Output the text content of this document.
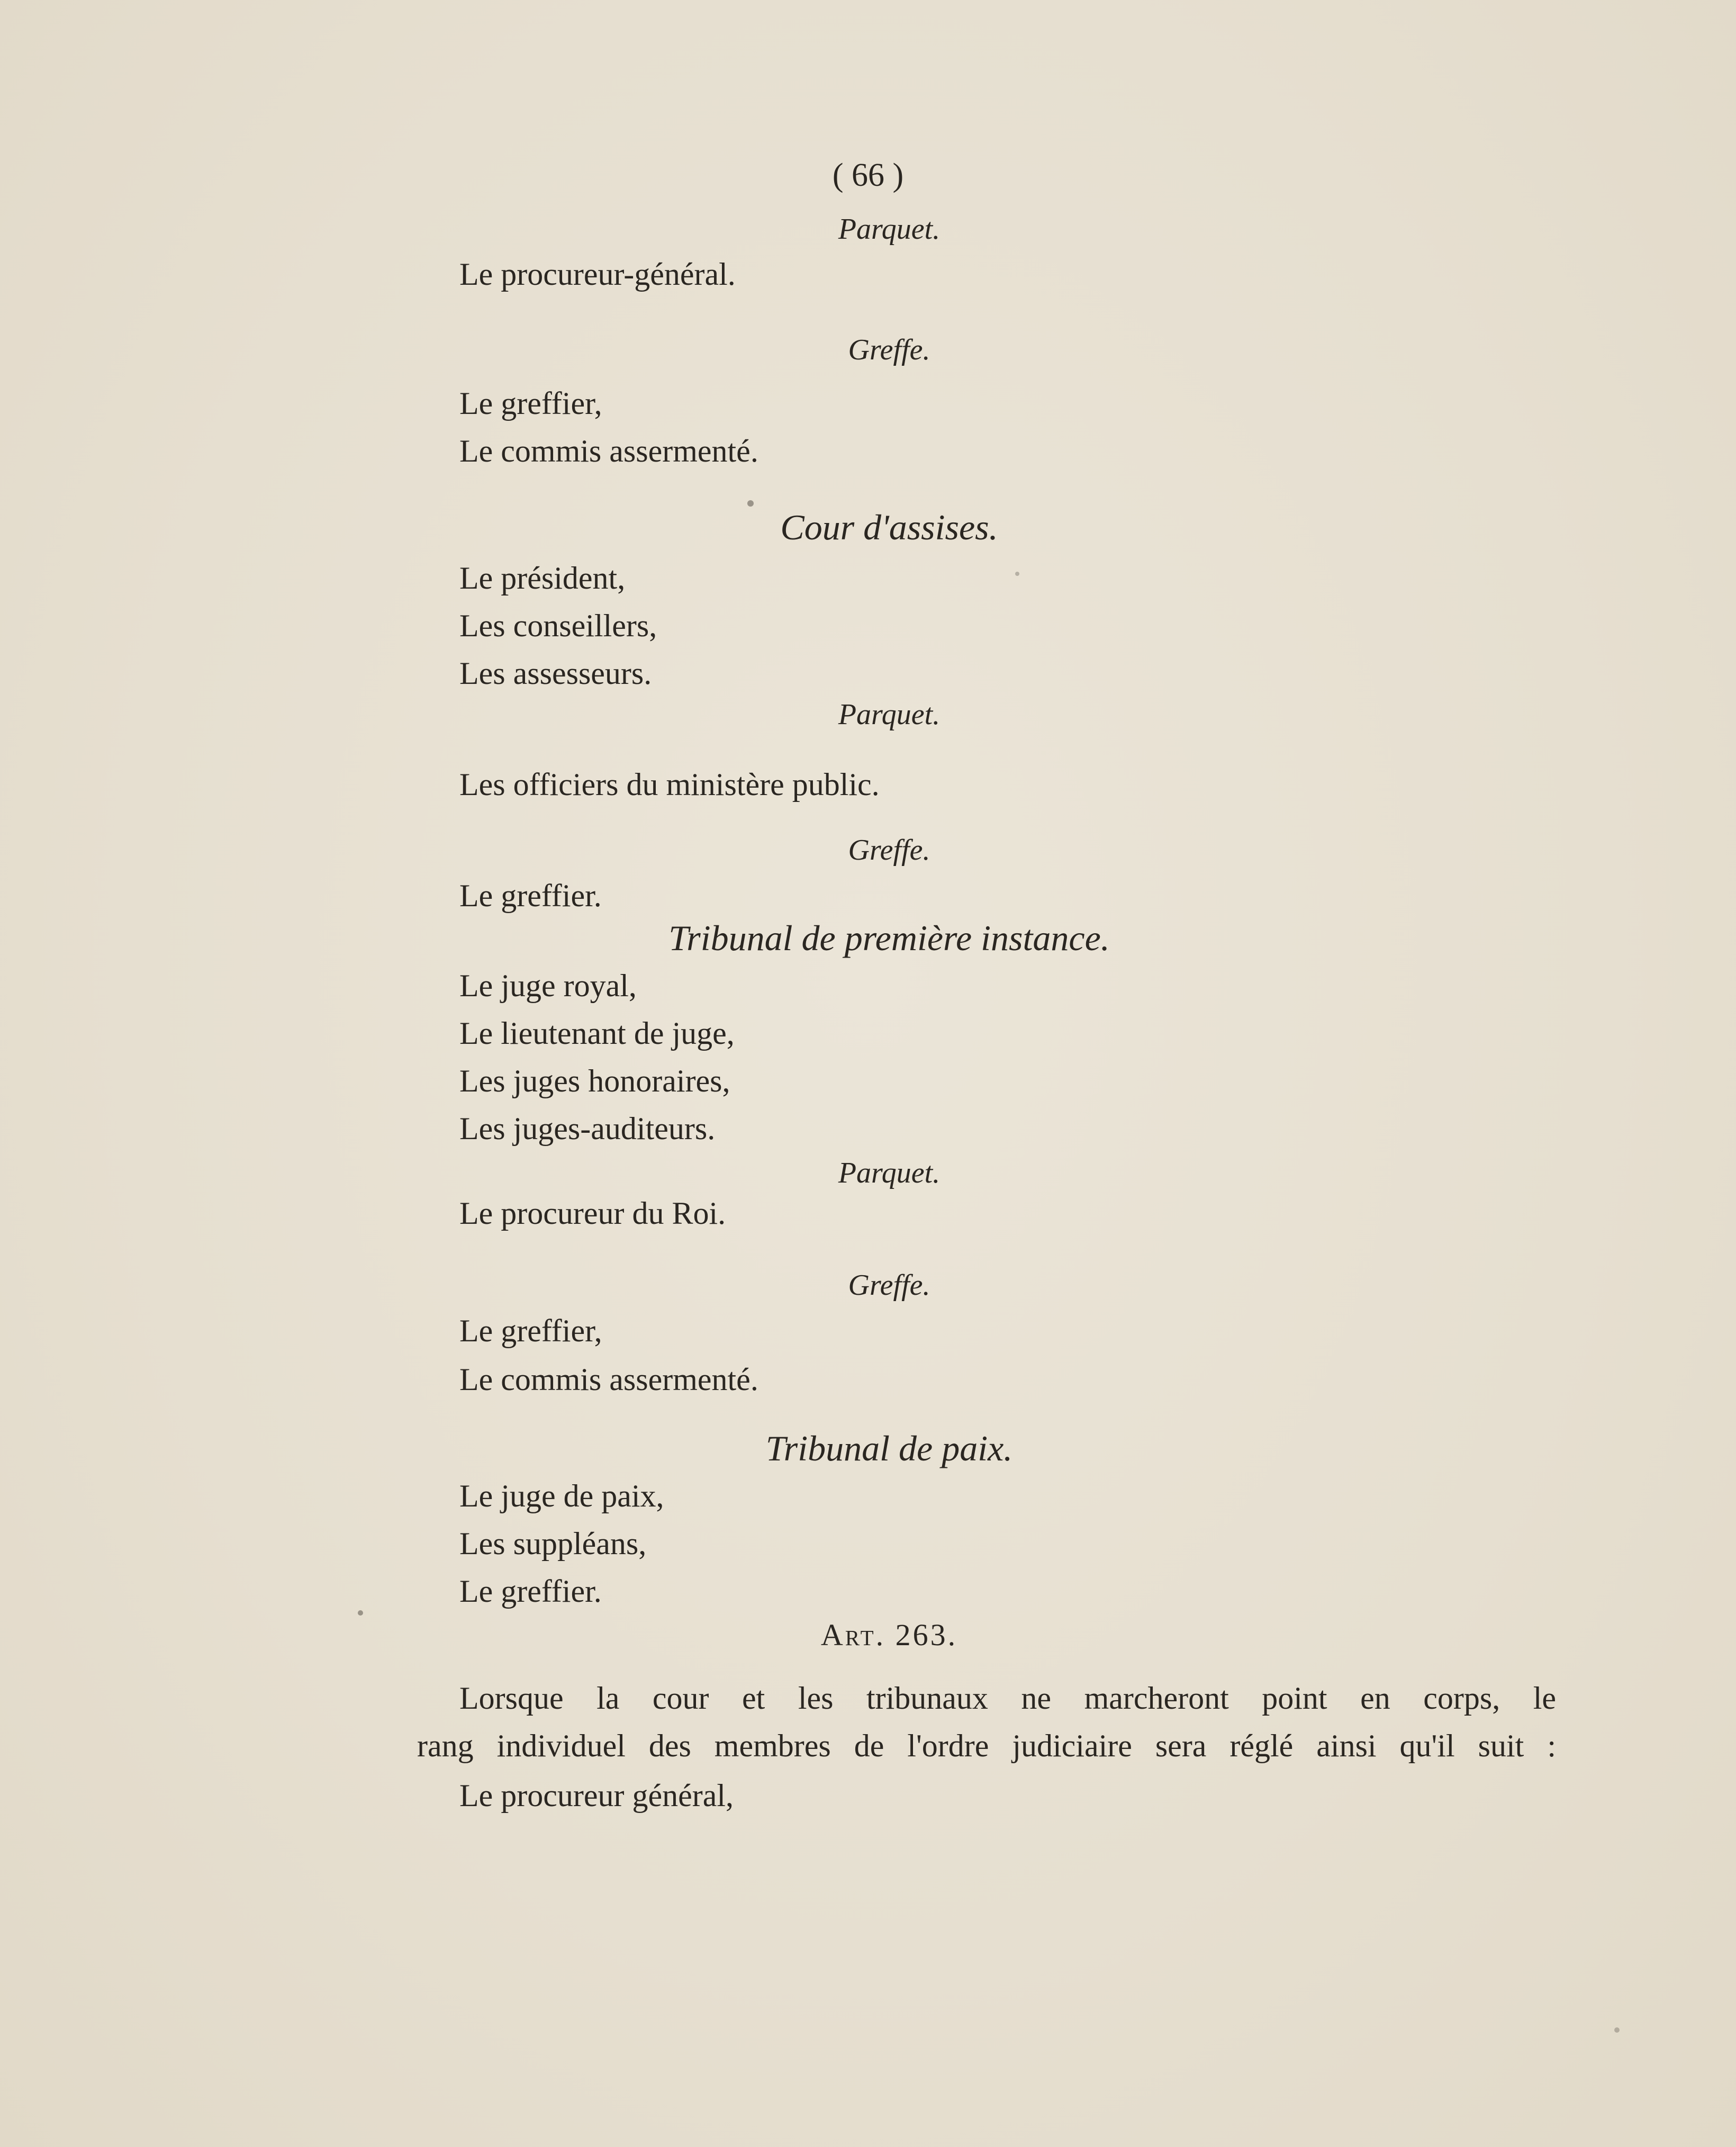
( 66 )
Parquet.
Le procureur-général.
Greffe.
Le greffier,
Le commis assermenté.
Cour d'assises.
Le président,
Les conseillers,
Les assesseurs.
Parquet.
Les officiers du ministère public.
Greffe.
Le greffier.
Tribunal de première instance.
Le juge royal,
Le lieutenant de juge,
Les juges honoraires,
Les juges-auditeurs.
Parquet.
Le procureur du Roi.
Greffe.
Le greffier,
Le commis assermenté.
Tribunal de paix.
Le juge de paix,
Les suppléans,
Le greffier.
Art. 263.
Lorsque la cour et les tribunaux ne marcheront point en corps, le
rang individuel des membres de l'ordre judiciaire sera réglé ainsi qu'il suit :
Le procureur général,
